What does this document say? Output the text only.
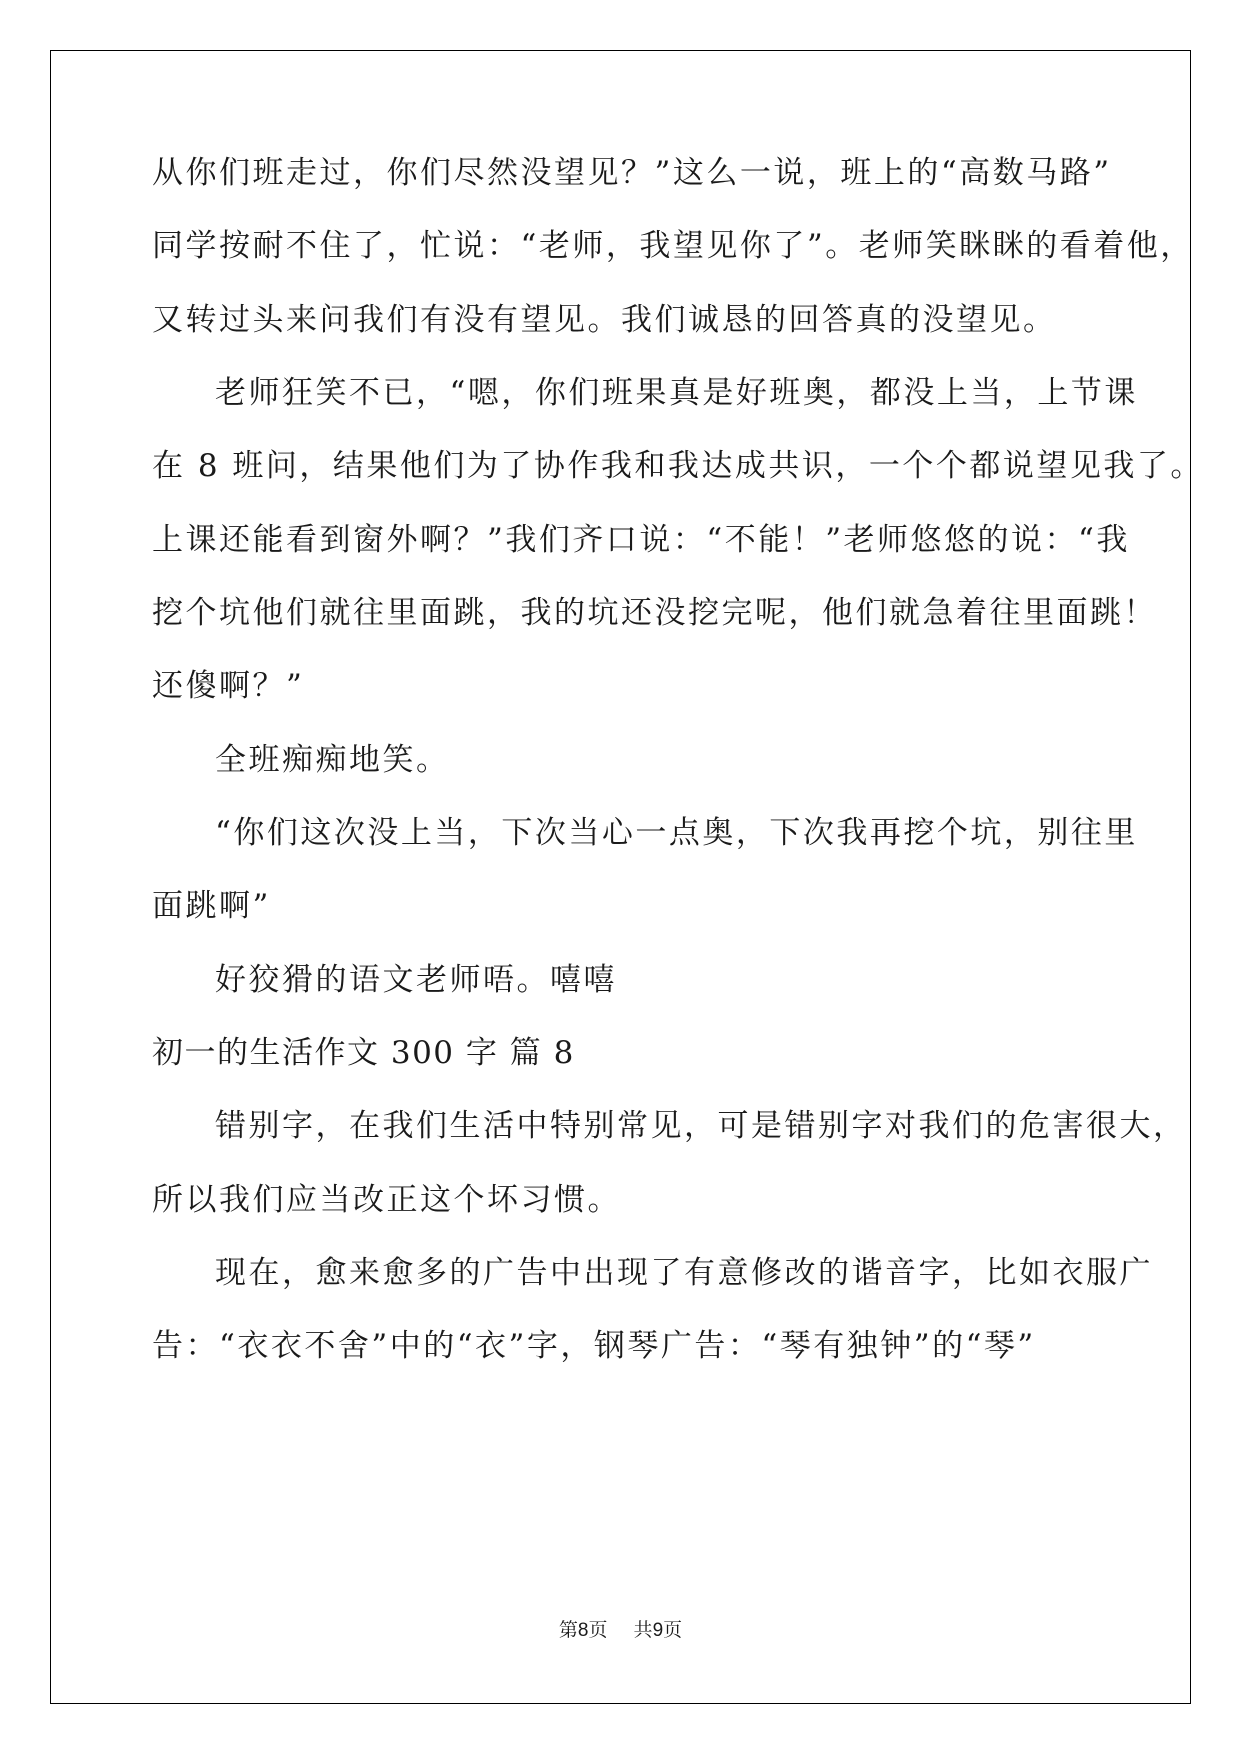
从你们班走过，你们尽然没望见？”这么一说，班上的“高数马路”
同学按耐不住了，忙说：“老师，我望见你了”。老师笑眯眯的看着他，
又转过头来问我们有没有望见。我们诚恳的回答真的没望见。
老师狂笑不已，“嗯，你们班果真是好班奥，都没上当，上节课
在 8 班问，结果他们为了协作我和我达成共识，一个个都说望见我了。
上课还能看到窗外啊？”我们齐口说：“不能！”老师悠悠的说：“我
挖个坑他们就往里面跳，我的坑还没挖完呢，他们就急着往里面跳！
还傻啊？”
全班痴痴地笑。
“你们这次没上当，下次当心一点奥，下次我再挖个坑，别往里
面跳啊”
好狡猾的语文老师唔。嘻嘻
初一的生活作文 300 字 篇 8
错别字，在我们生活中特别常见，可是错别字对我们的危害很大，
所以我们应当改正这个坏习惯。
现在，愈来愈多的广告中出现了有意修改的谐音字，比如衣服广
告：“衣衣不舍”中的“衣”字，钢琴广告：“琴有独钟”的“琴”
第8页 共9页
